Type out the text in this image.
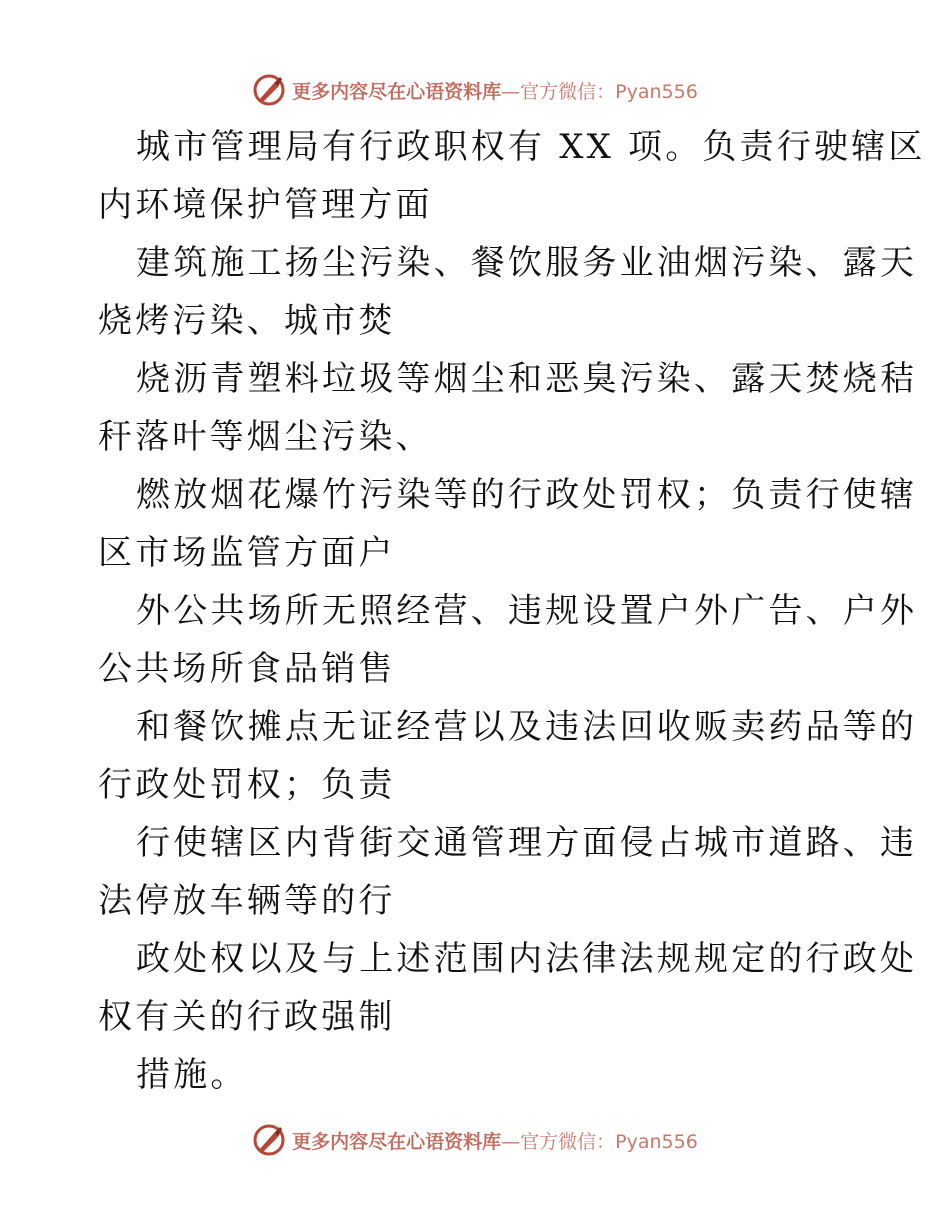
更多内容尽在心语资料库—官方微信：Pyan556

城市管理局有行政职权有 XX 项。负责行驶辖区
内环境保护管理方面

建筑施工扬尘污染、餐饮服务业油烟污染、露天
烧烤污染、城市焚

烧沥青塑料垃圾等烟尘和恶臭污染、露天焚烧秸
秆落叶等烟尘污染、

燃放烟花爆竹污染等的行政处罚权；负责行使辖
区市场监管方面户

外公共场所无照经营、违规设置户外广告、户外
公共场所食品销售

和餐饮摊点无证经营以及违法回收贩卖药品等的
行政处罚权；负责

行使辖区内背街交通管理方面侵占城市道路、违
法停放车辆等的行

政处权以及与上述范围内法律法规规定的行政处
权有关的行政强制

措施。

更多内容尽在心语资料库—官方微信：Pyan556
